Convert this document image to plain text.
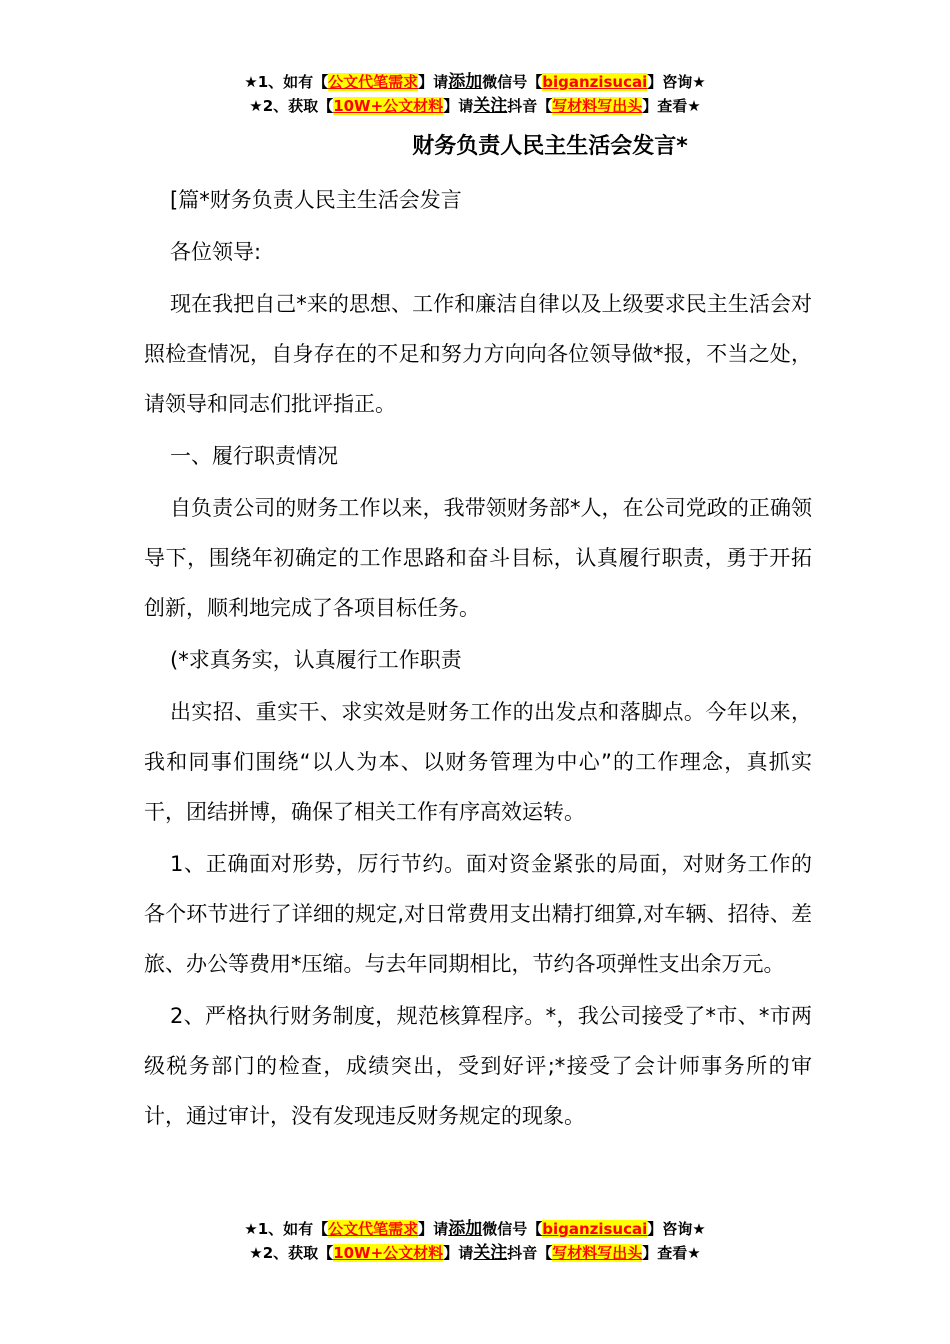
★1、如有【公文代笔需求】请添加微信号【biganzisucai】咨询★
★2、获取【10W+公文材料】请关注抖音【写材料写出头】查看★
财务负责人民主生活会发言*

[篇*财务负责人民主生活会发言

各位领导:

现在我把自己*来的思想、工作和廉洁自律以及上级要求民主生活会对照检查情况，自身存在的不足和努力方向向各位领导做*报，不当之处，请领导和同志们批评指正。

一、履行职责情况

自负责公司的财务工作以来，我带领财务部*人，在公司党政的正确领导下，围绕年初确定的工作思路和奋斗目标，认真履行职责，勇于开拓创新，顺利地完成了各项目标任务。

(*求真务实，认真履行工作职责

出实招、重实干、求实效是财务工作的出发点和落脚点。今年以来，我和同事们围绕“以人为本、以财务管理为中心”的工作理念，真抓实干，团结拼博，确保了相关工作有序高效运转。

1、正确面对形势，厉行节约。面对资金紧张的局面，对财务工作的各个环节进行了详细的规定,对日常费用支出精打细算,对车辆、招待、差旅、办公等费用*压缩。与去年同期相比，节约各项弹性支出余万元。

2、严格执行财务制度，规范核算程序。*，我公司接受了*市、*市两级税务部门的检查，成绩突出，受到好评;*接受了会计师事务所的审计，通过审计，没有发现违反财务规定的现象。

★1、如有【公文代笔需求】请添加微信号【biganzisucai】咨询★
★2、获取【10W+公文材料】请关注抖音【写材料写出头】查看★
